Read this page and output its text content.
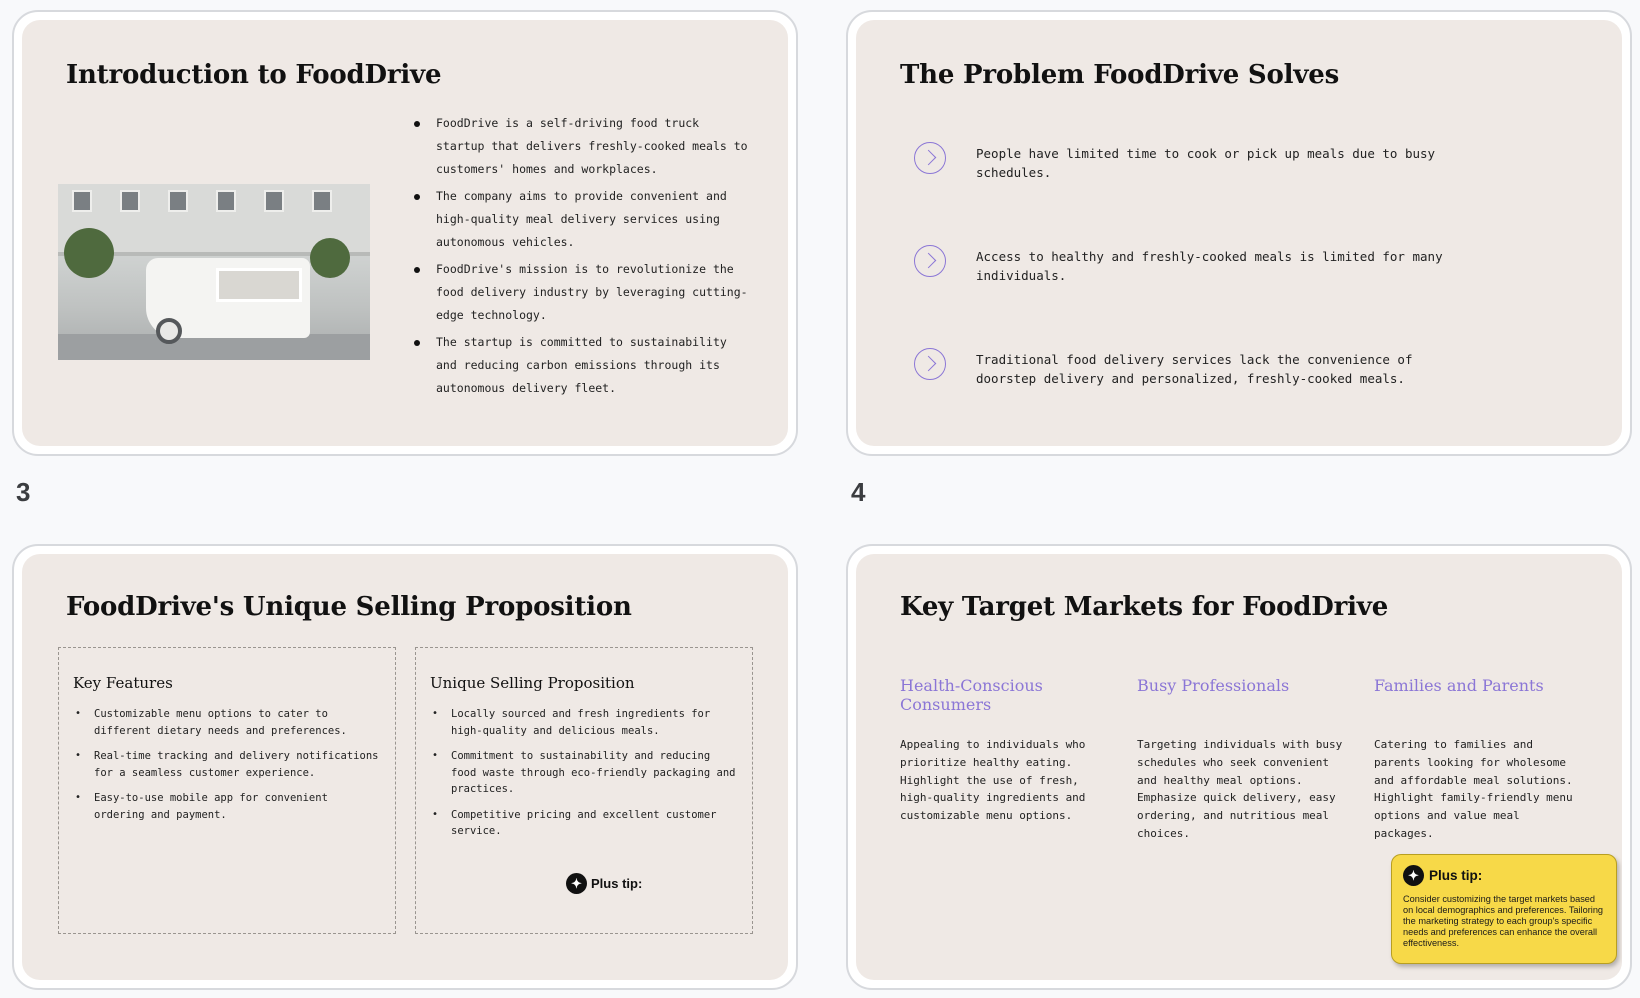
Introduction to FoodDrive
FoodDrive is a self-driving food truck startup that delivers freshly-cooked meals to customers' homes and workplaces.
The company aims to provide convenient and high-quality meal delivery services using autonomous vehicles.
FoodDrive's mission is to revolutionize the food delivery industry by leveraging cutting-edge technology.
The startup is committed to sustainability and reducing carbon emissions through its autonomous delivery fleet.
The Problem FoodDrive Solves
People have limited time to cook or pick up meals due to busy schedules.
Access to healthy and freshly-cooked meals is limited for many individuals.
Traditional food delivery services lack the convenience of doorstep delivery and personalized, freshly-cooked meals.
3	4
FoodDrive's Unique Selling Proposition
Key Features
• Customizable menu options to cater to different dietary needs and preferences.
• Real-time tracking and delivery notifications for a seamless customer experience.
• Easy-to-use mobile app for convenient ordering and payment.
Unique Selling Proposition
• Locally sourced and fresh ingredients for high-quality and delicious meals.
• Commitment to sustainability and reducing food waste through eco-friendly packaging and practices.
• Competitive pricing and excellent customer service.
✦Plus tip:
Key Target Markets for FoodDrive
Health-Conscious Consumers
Appealing to individuals who prioritize healthy eating. Highlight the use of fresh, high-quality ingredients and customizable menu options.
Busy Professionals
Targeting individuals with busy schedules who seek convenient and healthy meal options. Emphasize quick delivery, easy ordering, and nutritious meal choices.
Families and Parents
Catering to families and parents looking for wholesome and affordable meal solutions. Highlight family-friendly menu options and value meal packages.
✦Plus tip:
Consider customizing the target markets based on local demographics and preferences. Tailoring the marketing strategy to each group's specific needs and preferences can enhance the overall effectiveness.
